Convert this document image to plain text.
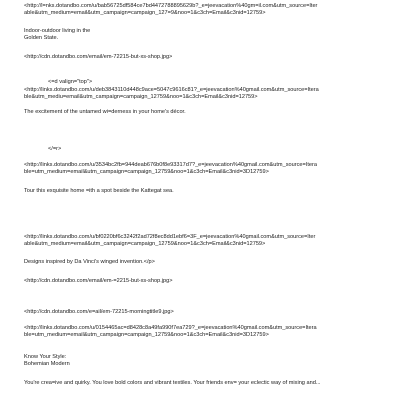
<http://l=nks.dotandbo.com/u/bab56725df584ce7bd4472788895629b?_e=jeevacation%40gm=il.com&utm_source=Iter
able&utm_medium=email&utm_campaign=campaign_127=9&noo=1&c3ch=Email&c3nid=12759>
Indoor-outdoor living in the
Golden State.
<http://cdn.dotandbo.com/email/em-72215-but-xs-shop.jpg>
<=d valign="top">
<http://links.dotandbo.com/u/deb3843110d448c9ace=5047c9616c81?_e=jeevacation%40gmail.com&utm_source=Itera
ble&utm_mediu=email&utm_campaign=campaign_12759&noo=1&c3ch=Email&c3nid=12759>
The excitement of the untamed wi=derness in your home's décor.
</=r>
<http://links.dotandbo.com/u/3534bc2fb=944deab676b0f8e93317d7?_e=jeevacation%40gmail.com&utm_source=Itera
ble=utm_medium=email&utm_campaign=campaign_12759&noo=1&c3ch=Email&c3nid=3D12759>
Tour this exquisite home =ith a spot beside the Kattegat sea.
<http://links.dotandbo.com/u/bf0220bf6c3242f2ad72f8ec8dd1ebf6=3F_e=jeevacation%40gmail.com&utm_source=Iter
able&utm_medium=email&utm_campaign=campaign_12759&noo=1&c3ch=Email&c3nid=12759>
Designs inspired by Da Vinci's winged invention.</p>
<http://cdn.dotandbo.com/email/em-=2215-but-xs-shop.jpg>
<http://cdn.dotandbo.com/e=ail/em-72215-morningtitle9.jpg>
<http://links.dotandbo.com/u/0154465ac=d8428c8a49fa990f7ea729?_e=jeevacation%40gmail.com&utm_source=Itera
ble=utm_medium=email&utm_campaign=campaign_12759&noo=1&c3ch=Email&c3nid=3D12759>
Know Your Style:
Bohemian Modern
You're crea=ive and quirky. You love bold colors and vibrant textiles. Your friends env= your eclectic way of mixing and...
